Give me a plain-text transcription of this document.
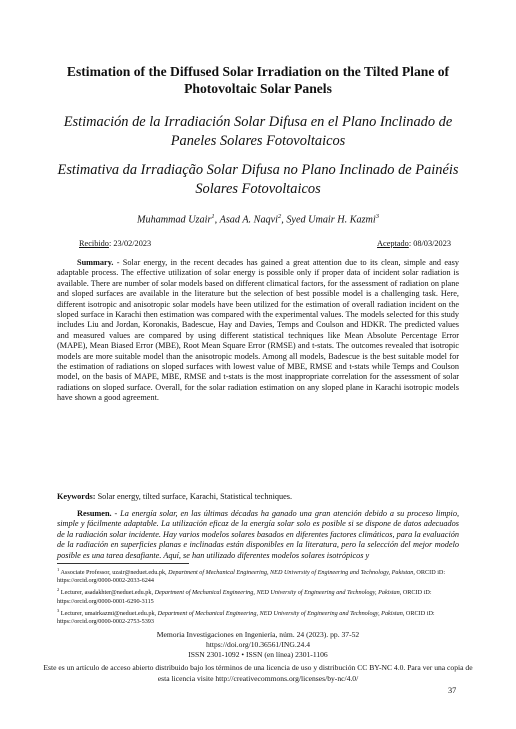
Estimation of the Diffused Solar Irradiation on the Tilted Plane of Photovoltaic Solar Panels
Estimación de la Irradiación Solar Difusa en el Plano Inclinado de Paneles Solares Fotovoltaicos
Estimativa da Irradiação Solar Difusa no Plano Inclinado de Painéis Solares Fotovoltaicos
Muhammad Uzair$^1$, Asad A. Naqvi$^2$, Syed Umair H. Kazmi$^3$
Recibido: 23/02/2023	Aceptado: 08/03/2023

Summary. - Solar energy, in the recent decades has gained a great attention due to its clean, simple and easy adaptable process. The effective utilization of solar energy is possible only if proper data of incident solar radiation is available. There are number of solar models based on different climatical factors, for the assessment of radiation on plane and sloped surfaces are available in the literature but the selection of best possible model is a challenging task. Here, different isotropic and anisotropic solar models have been utilized for the estimation of overall radiation incident on the sloped surface in Karachi then estimation was compared with the experimental values. The models selected for this study includes Liu and Jordan, Koronakis, Badescue, Hay and Davies, Temps and Coulson and HDKR. The predicted values and measured values are compared by using different statistical techniques like Mean Absolute Percentage Error (MAPE), Mean Biased Error (MBE), Root Mean Square Error (RMSE) and t-stats. The outcomes revealed that isotropic models are more suitable model than the anisotropic models. Among all models, Badescue is the best suitable model for the estimation of radiations on sloped surfaces with lowest value of MBE, RMSE and t-stats while Temps and Coulson model, on the basis of MAPE, MBE, RMSE and t-stats is the most inappropriate correlation for the assessment of solar radiations on sloped surface. Overall, for the solar radiation estimation on any sloped plane in Karachi isotropic models have shown a good agreement.

Keywords: Solar energy, tilted surface, Karachi, Statistical techniques.

Resumen. - La energía solar, en las últimas décadas ha ganado una gran atención debido a su proceso limpio, simple y fácilmente adaptable. La utilización eficaz de la energía solar solo es posible si se dispone de datos adecuados de la radiación solar incidente. Hay varios modelos solares basados en diferentes factores climáticos, para la evaluación de la radiación en superficies planas e inclinadas están disponibles en la literatura, pero la selección del mejor modelo posible es una tarea desafiante. Aquí, se han utilizado diferentes modelos solares isotrópicos y

$^1$ Associate Professor, uzair@neduet.edu.pk, Department of Mechanical Engineering, NED University of Engineering and Technology, Pakistan, ORCID iD: https://orcid.org/0000-0002-2033-6244

$^2$ Lecturer, asadakhter@neduet.edu.pk, Department of Mechanical Engineering, NED University of Engineering and Technology, Pakistan, ORCID iD: https://orcid.org/0000-0001-6290-3115

$^3$ Lecturer, umairkazmi@neduet.edu.pk, Department of Mechanical Engineering, NED University of Engineering and Technology, Pakistan, ORCID iD: https://orcid.org/0000-0002-2753-5393

Memoria Investigaciones en Ingeniería, núm. 24 (2023). pp. 37-52
https://doi.org/10.36561/ING.24.4
ISSN 2301-1092 • ISSN (en línea) 2301-1106
Este es un artículo de acceso abierto distribuido bajo los términos de una licencia de uso y distribución CC BY-NC 4.0. Para ver una copia de esta licencia visite http://creativecommons.org/licenses/by-nc/4.0/
37
